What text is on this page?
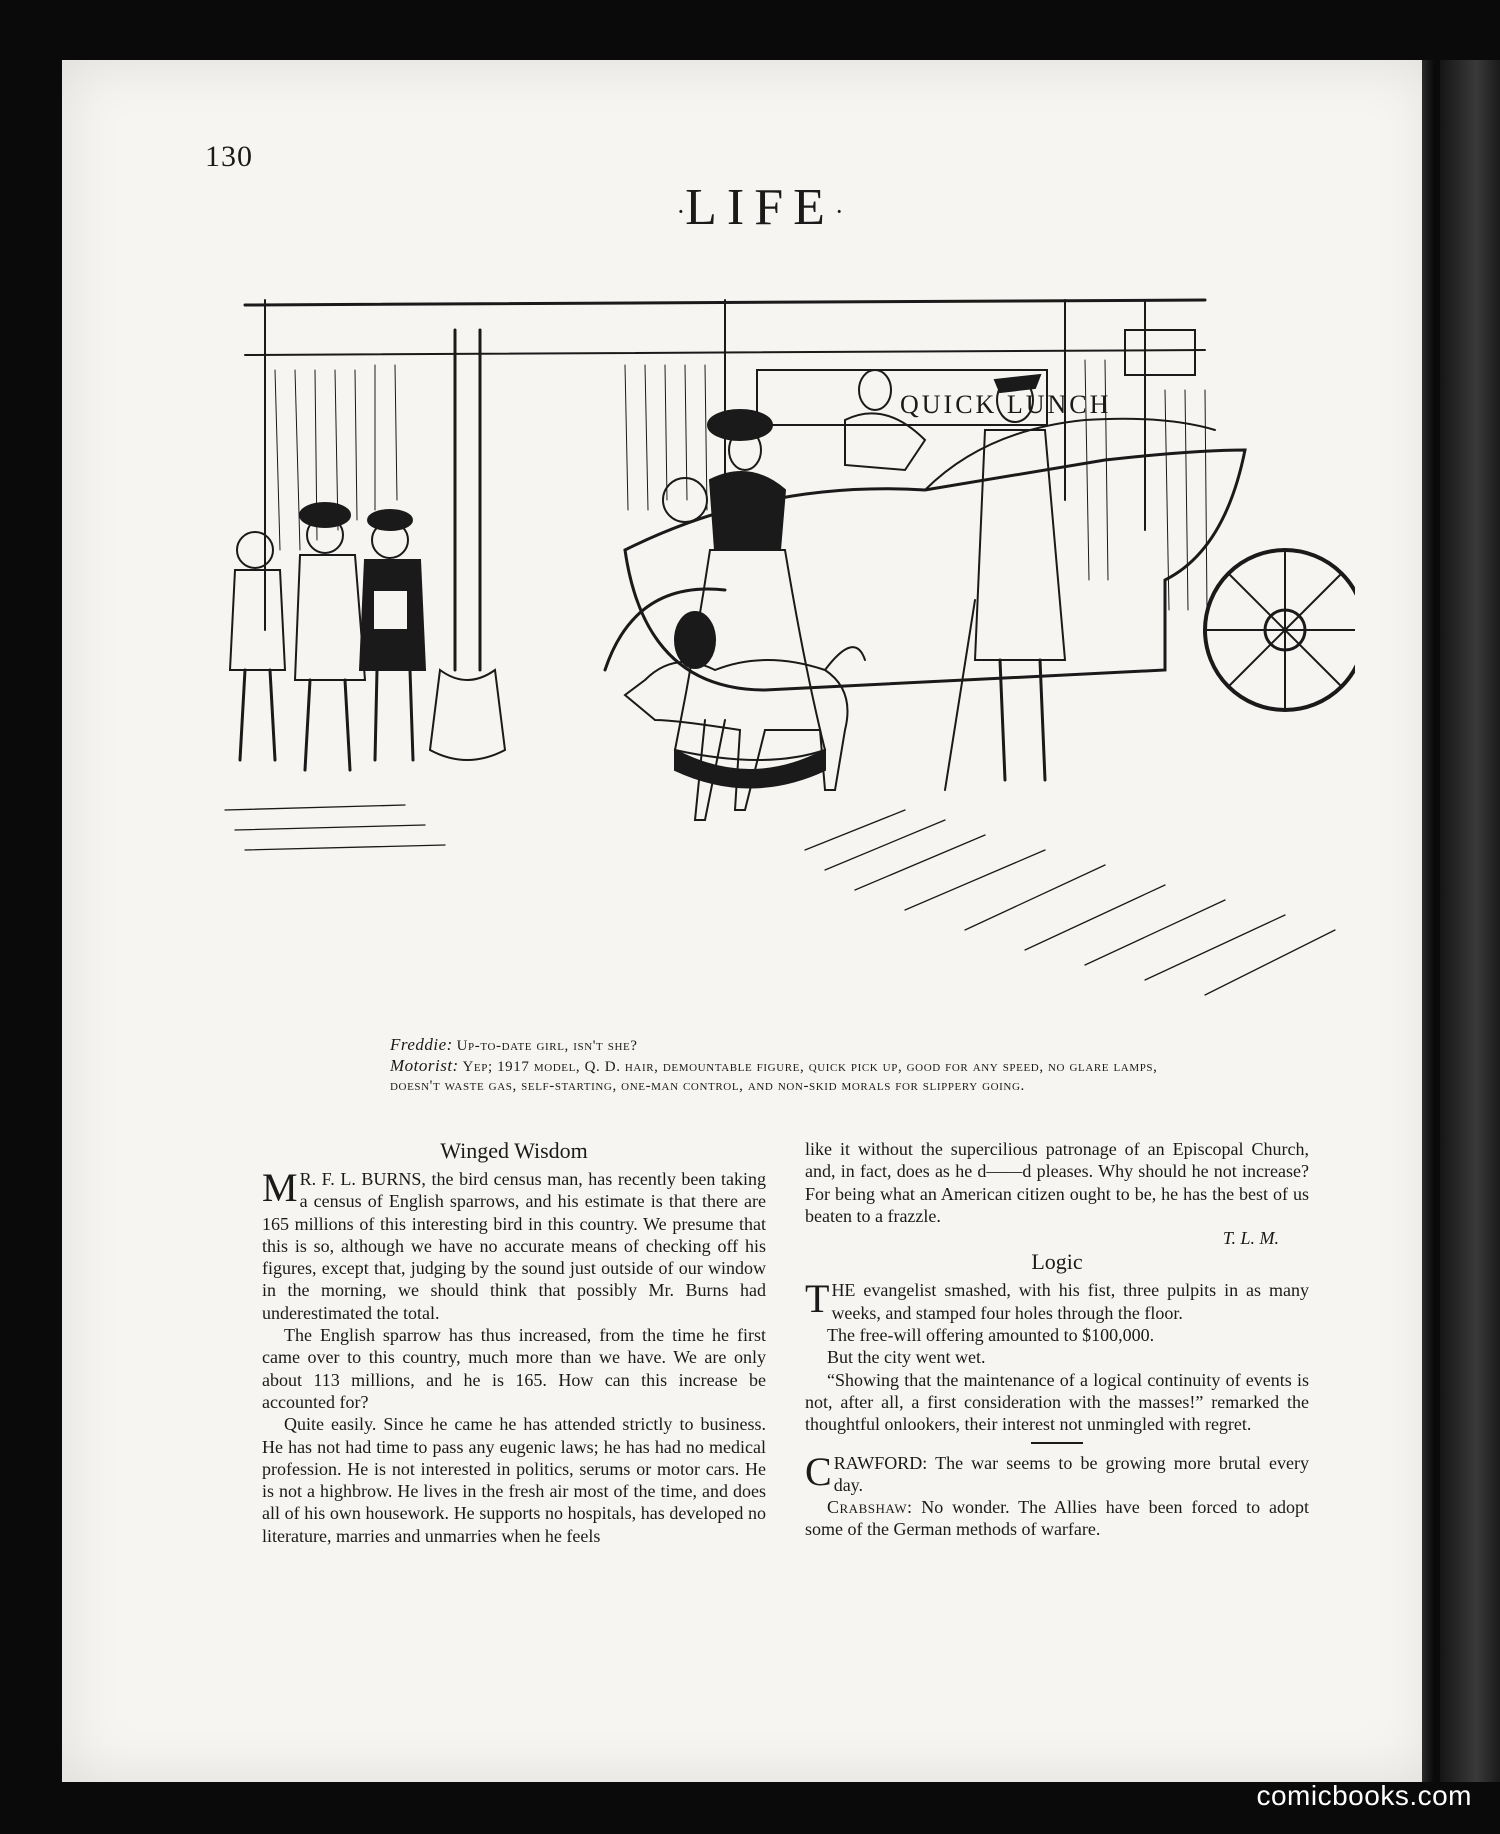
130
·LIFE·
QUICK LUNCH
Freddie: Up-to-date girl, isn't she?
Motorist: Yep; 1917 model, Q. D. hair, demountable figure, quick pick up, good for any speed, no glare lamps, doesn't waste gas, self-starting, one-man control, and non-skid morals for slippery going.
Winged Wisdom

M R. F. L. BURNS, the bird census man, has recently been taking a census of English sparrows, and his estimate is that there are 165 millions of this interesting bird in this country. We presume that this is so, although we have no accurate means of checking off his figures, except that, judging by the sound just outside of our window in the morning, we should think that possibly Mr. Burns had underestimated the total.

The English sparrow has thus increased, from the time he first came over to this country, much more than we have. We are only about 113 millions, and he is 165. How can this increase be accounted for?

Quite easily. Since he came he has attended strictly to business. He has not had time to pass any eugenic laws; he has had no medical profession. He is not interested in politics, serums or motor cars. He is not a highbrow. He lives in the fresh air most of the time, and does all of his own housework. He supports no hospitals, has developed no literature, marries and unmarries when he feels

like it without the supercilious patronage of an Episcopal Church, and, in fact, does as he d——d pleases. Why should he not increase? For being what an American citizen ought to be, he has the best of us beaten to a frazzle.

T. L. M.
Logic

THE evangelist smashed, with his fist, three pulpits in as many weeks, and stamped four holes through the floor.

The free-will offering amounted to $100,000.

But the city went wet.

“Showing that the maintenance of a logical continuity of events is not, after all, a first consideration with the masses!” remarked the thoughtful onlookers, their interest not unmingled with regret.

CRAWFORD: The war seems to be growing more brutal every day.

Crabshaw: No wonder. The Allies have been forced to adopt some of the German methods of warfare.

comicbooks.com
